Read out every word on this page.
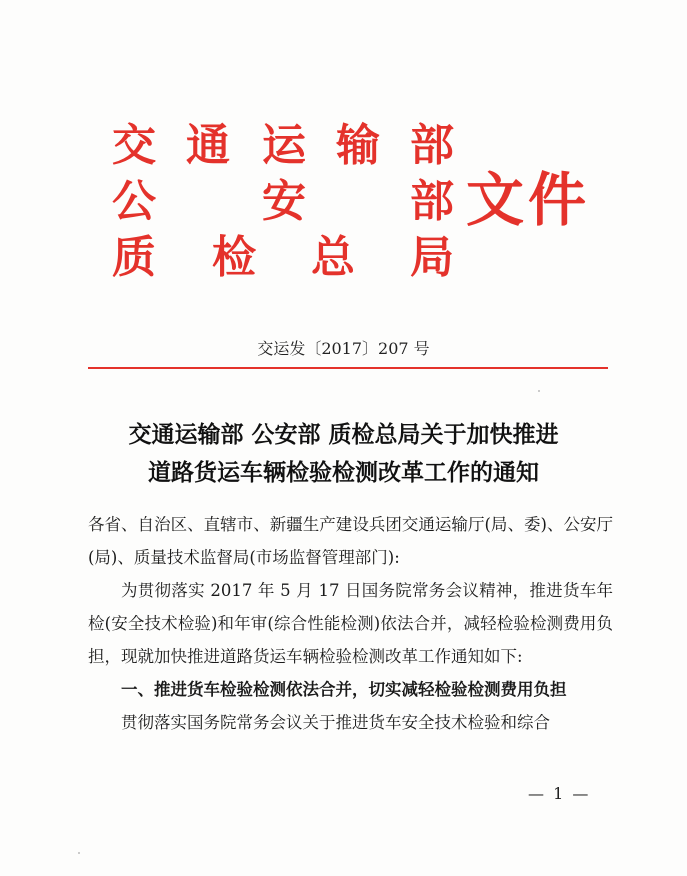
交 通 运 输 部
公 安 部
质 检 总 局
文件
交运发〔2017〕207 号
交通运输部 公安部 质检总局关于加快推进
道路货运车辆检验检测改革工作的通知

各省、自治区、直辖市、新疆生产建设兵团交通运输厅(局、委)、公安厅(局)、质量技术监督局(市场监督管理部门):

为贯彻落实 2017 年 5 月 17 日国务院常务会议精神，推进货车年检(安全技术检验)和年审(综合性能检测)依法合并，减轻检验检测费用负担，现就加快推进道路货运车辆检验检测改革工作通知如下:

一、推进货车检验检测依法合并，切实减轻检验检测费用负担

贯彻落实国务院常务会议关于推进货车安全技术检验和综合

— 1 —
